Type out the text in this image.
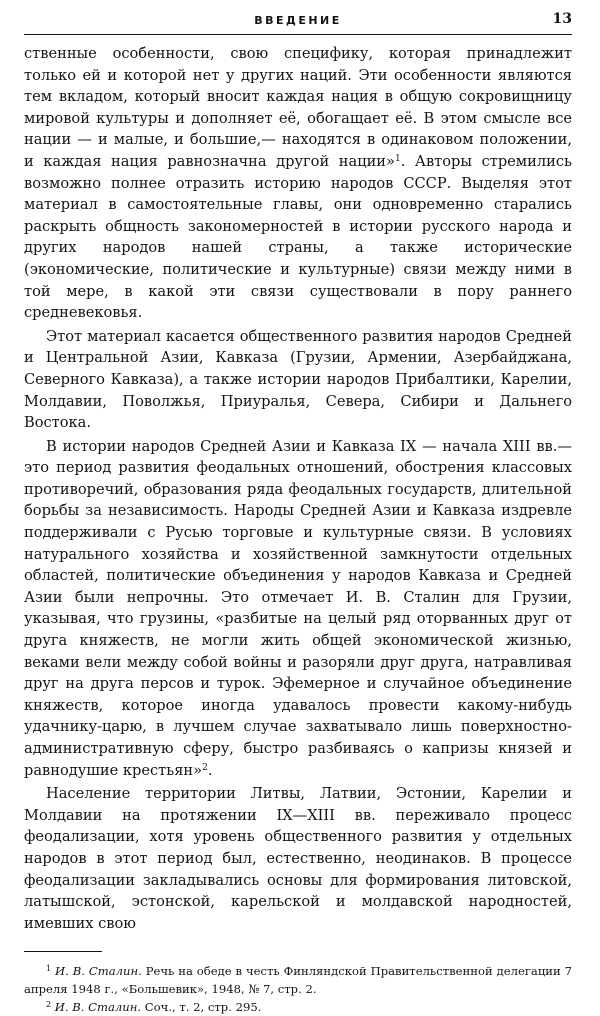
ВВЕДЕНИЕ	13

ственные особенности, свою специфику, которая принадлежит только ей и которой нет у других наций. Эти особенности являются тем вкладом, который вносит каждая нация в общую сокровищницу мировой культуры и дополняет её, обогащает её. В этом смысле все нации — и малые, и большие,— находятся в одинаковом положении, и каждая нация равнозначна другой нации»$^1$. Авторы стремились возможно полнее отразить историю народов СССР. Выделяя этот материал в самостоятельные главы, они одновременно старались раскрыть общность закономерностей в истории русского народа и других народов нашей страны, а также исторические (экономические, политические и культурные) связи между ними в той мере, в какой эти связи существовали в пору раннего средневековья.

Этот материал касается общественного развития народов Средней и Центральной Азии, Кавказа (Грузии, Армении, Азербайджана, Северного Кавказа), а также истории народов Прибалтики, Карелии, Молдавии, Поволжья, Приуралья, Севера, Сибири и Дальнего Востока.

В истории народов Средней Азии и Кавказа IX — начала XIII вв.— это период развития феодальных отношений, обострения классовых противоречий, образования ряда феодальных государств, длительной борьбы за независимость. Народы Средней Азии и Кавказа издревле поддерживали с Русью торговые и культурные связи. В условиях натурального хозяйства и хозяйственной замкнутости отдельных областей, политические объединения у народов Кавказа и Средней Азии были непрочны. Это отмечает И. В. Сталин для Грузии, указывая, что грузины, «разбитые на целый ряд оторванных друг от друга княжеств, не могли жить общей экономической жизнью, веками вели между собой войны и разоряли друг друга, натравливая друг на друга персов и турок. Эфемерное и случайное объединение княжеств, которое иногда удавалось провести какому-нибудь удачнику-царю, в лучшем случае захватывало лишь поверхностно-административную сферу, быстро разбиваясь о капризы князей и равнодушие крестьян»$^2$.

Население территории Литвы, Латвии, Эстонии, Карелии и Молдавии на протяжении IX—XIII вв. переживало процесс феодализации, хотя уровень общественного развития у отдельных народов в этот период был, естественно, неодинаков. В процессе феодализации закладывались основы для формирования литовской, латышской, эстонской, карельской и молдавской народностей, имевших свою

$^1$ И. В. Сталин. Речь на обеде в честь Финляндской Правительственной делегации 7 апреля 1948 г., «Большевик», 1948, № 7, стр. 2.

$^2$ И. В. Сталин. Соч., т. 2, стр. 295.
